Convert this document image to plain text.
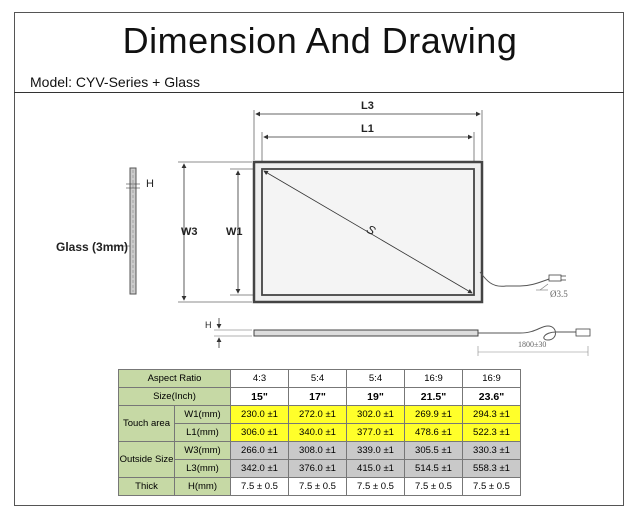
Dimension And Drawing
Model: CYV-Series + Glass
L3
L1
W3	W1	S
H
H
Glass (3mm)
Ø3.5
1800±30
Aspect Ratio		4:3	5:4	5:4	16:9	16:9
Size(Inch)		15"	17"	19"	21.5"	23.6"
Touch area	W1(mm)	230.0 ±1	272.0 ±1	302.0 ±1	269.9 ±1	294.3 ±1
	L1(mm)	306.0 ±1	340.0 ±1	377.0 ±1	478.6 ±1	522.3 ±1
Outside Size	W3(mm)	266.0 ±1	308.0 ±1	339.0 ±1	305.5 ±1	330.3 ±1
	L3(mm)	342.0 ±1	376.0 ±1	415.0 ±1	514.5 ±1	558.3 ±1
Thick	H(mm)	7.5 ± 0.5	7.5 ± 0.5	7.5 ± 0.5	7.5 ± 0.5	7.5 ± 0.5
